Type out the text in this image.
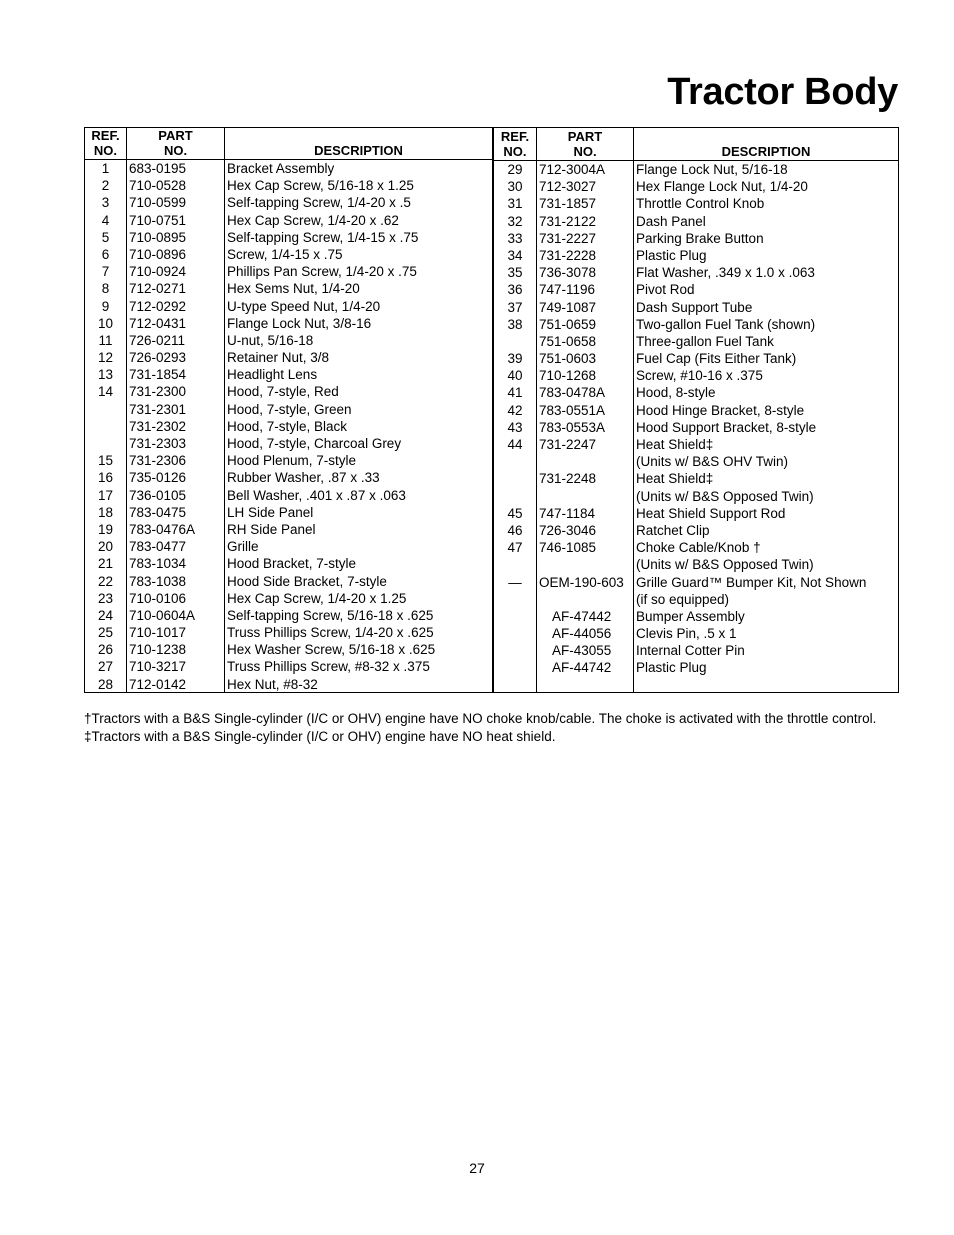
Tractor Body
REF.
NO.
PART
NO.	DESCRIPTION
1	683-0195	Bracket Assembly
2	710-0528	Hex Cap Screw, 5/16-18 x 1.25
3	710-0599	Self-tapping Screw, 1/4-20 x .5
4	710-0751	Hex Cap Screw, 1/4-20 x .62
5	710-0895	Self-tapping Screw, 1/4-15 x .75
6	710-0896	Screw, 1/4-15 x .75
7	710-0924	Phillips Pan Screw, 1/4-20 x .75
8	712-0271	Hex Sems Nut, 1/4-20
9	712-0292	U-type Speed Nut, 1/4-20
10	712-0431	Flange Lock Nut, 3/8-16
11	726-0211	U-nut, 5/16-18
12	726-0293	Retainer Nut, 3/8
13	731-1854	Headlight Lens
14	731-2300	Hood, 7-style, Red
731-2301	Hood, 7-style, Green
731-2302	Hood, 7-style, Black
731-2303	Hood, 7-style, Charcoal Grey
15	731-2306	Hood Plenum, 7-style
16	735-0126	Rubber Washer, .87 x .33
17	736-0105	Bell Washer, .401 x .87 x .063
18	783-0475	LH Side Panel
19	783-0476A	RH Side Panel
20	783-0477	Grille
21	783-1034	Hood Bracket, 7-style
22	783-1038	Hood Side Bracket, 7-style
23	710-0106	Hex Cap Screw, 1/4-20 x 1.25
24	710-0604A	Self-tapping Screw, 5/16-18 x .625
25	710-1017	Truss Phillips Screw, 1/4-20 x .625
26	710-1238	Hex Washer Screw, 5/16-18 x .625
27	710-3217	Truss Phillips Screw, #8-32 x .375
28	712-0142	Hex Nut, #8-32
REF.
NO.
PART
NO.	DESCRIPTION
29	712-3004A	Flange Lock Nut, 5/16-18
30	712-3027	Hex Flange Lock Nut, 1/4-20
31	731-1857	Throttle Control Knob
32	731-2122	Dash Panel
33	731-2227	Parking Brake Button
34	731-2228	Plastic Plug
35	736-3078	Flat Washer, .349 x 1.0 x .063
36	747-1196	Pivot Rod
37	749-1087	Dash Support Tube
38	751-0659	Two-gallon Fuel Tank (shown)
751-0658	Three-gallon Fuel Tank
39	751-0603	Fuel Cap (Fits Either Tank)
40	710-1268	Screw, #10-16 x .375
41	783-0478A	Hood, 8-style
42	783-0551A	Hood Hinge Bracket, 8-style
43	783-0553A	Hood Support Bracket, 8-style
44	731-2247	Heat Shield‡
(Units w/ B&S OHV Twin)
731-2248	Heat Shield‡
(Units w/ B&S Opposed Twin)
45	747-1184	Heat Shield Support Rod
46	726-3046	Ratchet Clip
47	746-1085	Choke Cable/Knob †
(Units w/ B&S Opposed Twin)
—	OEM-190-603 Grille Guard™ Bumper Kit, Not Shown
(if so equipped)
AF-47442	Bumper Assembly
AF-44056	Clevis Pin, .5 x 1
AF-43055	Internal Cotter Pin
AF-44742	Plastic Plug

†Tractors with a B&S Single-cylinder (I/C or OHV) engine have NO choke knob/cable. The choke is activated with the throttle control.

‡Tractors with a B&S Single-cylinder (I/C or OHV) engine have NO heat shield.

27
